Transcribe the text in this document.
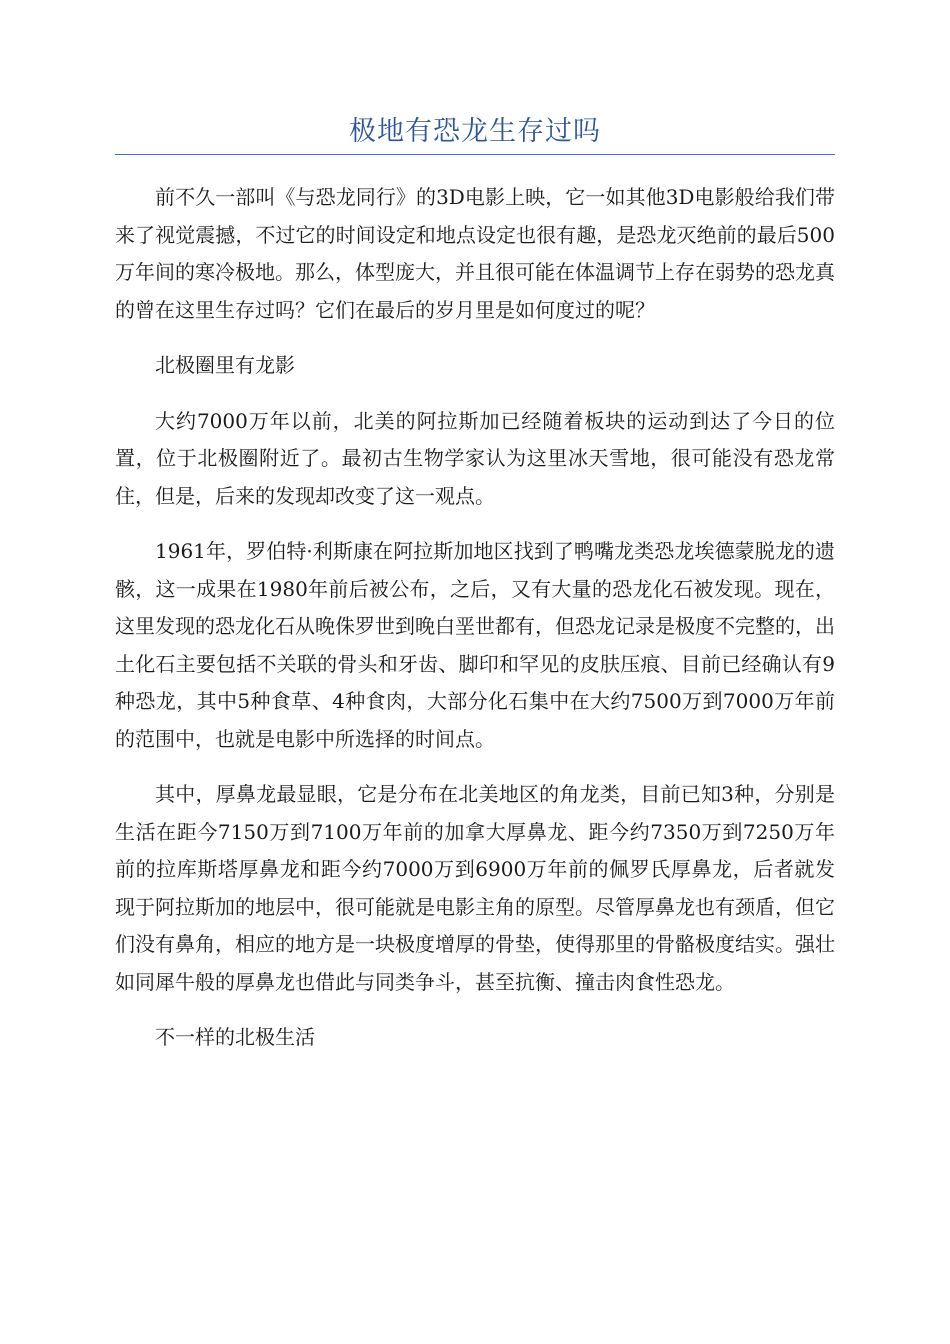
极地有恐龙生存过吗

前不久一部叫《与恐龙同行》的3D电影上映，它一如其他3D电影般给我们带来了视觉震撼，不过它的时间设定和地点设定也很有趣，是恐龙灭绝前的最后500万年间的寒冷极地。那么，体型庞大，并且很可能在体温调节上存在弱势的恐龙真的曾在这里生存过吗？它们在最后的岁月里是如何度过的呢？

北极圈里有龙影

大约7000万年以前，北美的阿拉斯加已经随着板块的运动到达了今日的位置，位于北极圈附近了。最初古生物学家认为这里冰天雪地，很可能没有恐龙常住，但是，后来的发现却改变了这一观点。

1961年，罗伯特·利斯康在阿拉斯加地区找到了鸭嘴龙类恐龙埃德蒙脱龙的遗骸，这一成果在1980年前后被公布，之后，又有大量的恐龙化石被发现。现在，这里发现的恐龙化石从晚侏罗世到晚白垩世都有，但恐龙记录是极度不完整的，出土化石主要包括不关联的骨头和牙齿、脚印和罕见的皮肤压痕、目前已经确认有9种恐龙，其中5种食草、4种食肉，大部分化石集中在大约7500万到7000万年前的范围中，也就是电影中所选择的时间点。

其中，厚鼻龙最显眼，它是分布在北美地区的角龙类，目前已知3种，分别是生活在距今7150万到7100万年前的加拿大厚鼻龙、距今约7350万到7250万年前的拉库斯塔厚鼻龙和距今约7000万到6900万年前的佩罗氏厚鼻龙，后者就发现于阿拉斯加的地层中，很可能就是电影主角的原型。尽管厚鼻龙也有颈盾，但它们没有鼻角，相应的地方是一块极度增厚的骨垫，使得那里的骨骼极度结实。强壮如同犀牛般的厚鼻龙也借此与同类争斗，甚至抗衡、撞击肉食性恐龙。

不一样的北极生活
